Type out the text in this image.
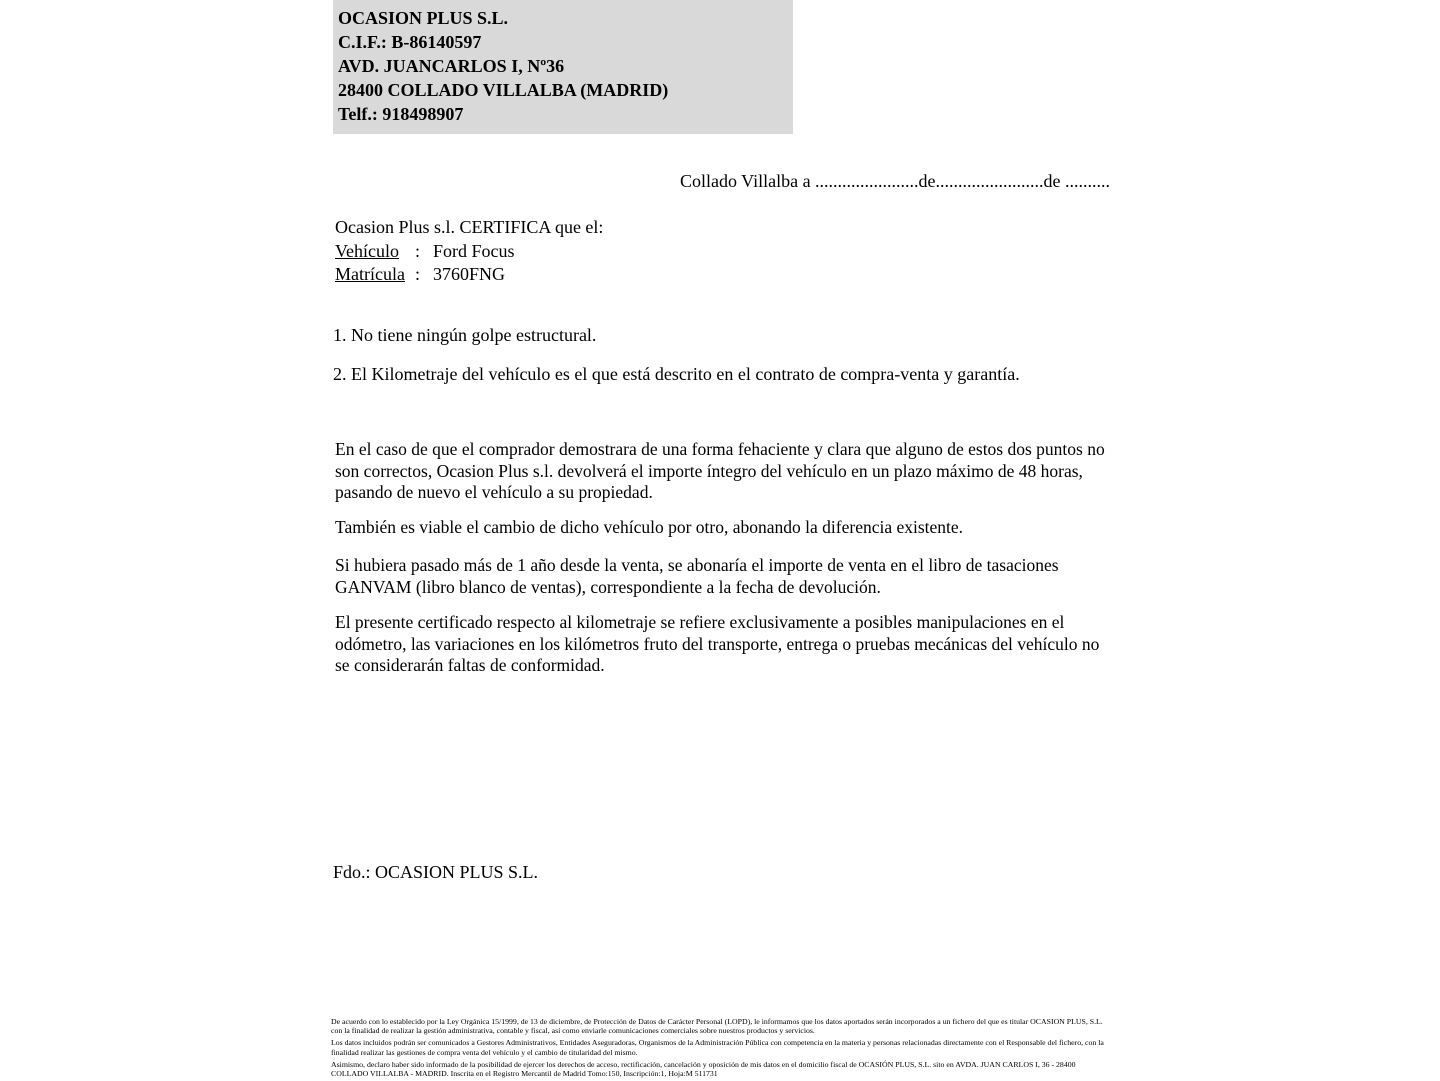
OCASION PLUS S.L.
C.I.F.: B-86140597
AVD. JUANCARLOS I, Nº36
28400 COLLADO VILLALBA (MADRID)
Telf.: 918498907
Collado Villalba a .......................de........................de ..........
Ocasion Plus s.l. CERTIFICA que el:
Vehículo : Ford Focus
Matrícula : 3760FNG
1. No tiene ningún golpe estructural.
2. El Kilometraje del vehículo es el que está descrito en el contrato de compra-venta y garantía.
En el caso de que el comprador demostrara de una forma fehaciente y clara que alguno de estos dos puntos no son correctos, Ocasion Plus s.l. devolverá el importe íntegro del vehículo en un plazo máximo de 48 horas, pasando de nuevo el vehículo a su propiedad.
También es viable el cambio de dicho vehículo por otro, abonando la diferencia existente.
Si hubiera pasado más de 1 año desde la venta, se abonaría el importe de venta en el libro de tasaciones GANVAM (libro blanco de ventas), correspondiente a la fecha de devolución.
El presente certificado respecto al kilometraje se refiere exclusivamente a posibles manipulaciones en el odómetro, las variaciones en los kilómetros fruto del transporte, entrega o pruebas mecánicas del vehículo no se considerarán faltas de conformidad.
Fdo.: OCASION PLUS S.L.

De acuerdo con lo establecido por la Ley Orgánica 15/1999, de 13 de diciembre, de Protección de Datos de Carácter Personal (LOPD), le informamos que los datos aportados serán incorporados a un fichero del que es titular OCASION PLUS, S.L. con la finalidad de realizar la gestión administrativa, contable y fiscal, así como enviarle comunicaciones comerciales sobre nuestros productos y servicios.

Los datos incluidos podrán ser comunicados a Gestores Administrativos, Entidades Aseguradoras, Organismos de la Administración Pública con competencia en la materia y personas relacionadas directamente con el Responsable del fichero, con la finalidad realizar las gestiones de compra venta del vehículo y el cambio de titularidad del mismo.

Asimismo, declaro haber sido informado de la posibilidad de ejercer los derechos de acceso, rectificación, cancelación y oposición de mis datos en el domicilio fiscal de OCASIÓN PLUS, S.L. sito en AVDA. JUAN CARLOS I, 36 - 28400 COLLADO VILLALBA - MADRID. Inscrita en el Registro Mercantil de Madrid Tomo:150, Inscripción:1, Hoja:M 511731
